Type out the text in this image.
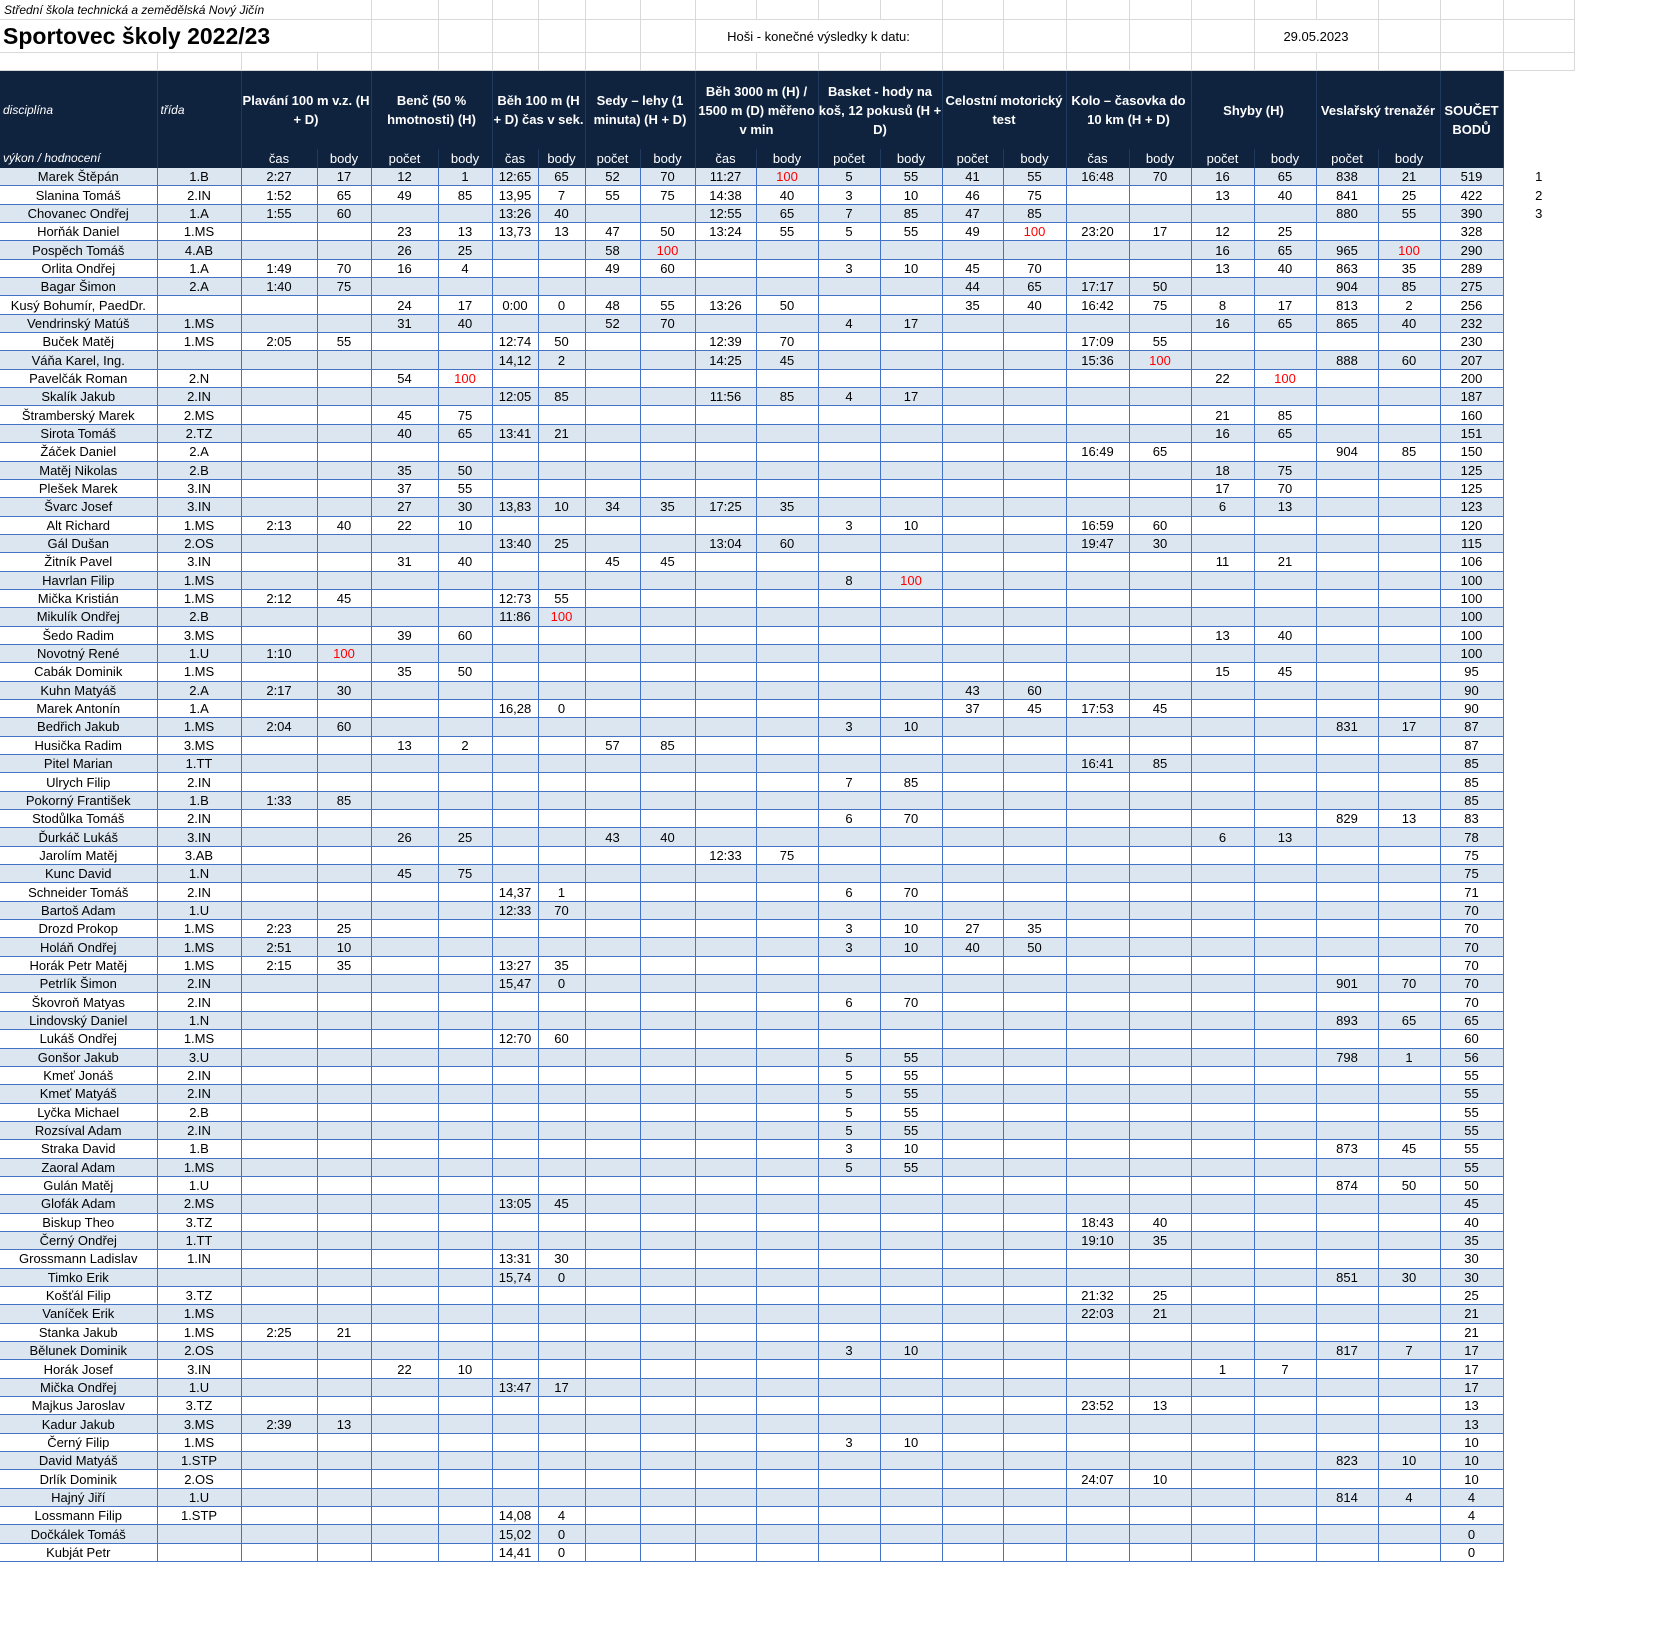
Střední škola technická a zemědělská Nový Jičín																							
Sportovec školy 2022/23										Hoši - konečné výsledky k datu:									29.05.2023				

disciplína	třída	Plavání 100 m v.z. (H + D)		Benč (50 % hmotnosti) (H)		Běh 100 m (H + D) čas v sek.		Sedy – lehy (1 minuta) (H + D)		Běh 3000 m (H) / 1500 m (D) měřeno v min		Basket - hody na koš, 12 pokusů (H + D)		Celostní motorický test		Kolo – časovka do 10 km (H + D)		Shyby (H)		Veslařský trenažér		SOUČET BODŮ	
výkon / hodnocení		čas	body	počet	body	čas	body	počet	body	čas	body	počet	body	počet	body	čas	body	počet	body	počet	body		
Marek Štěpán	1.B	2:27	17	12	1	12:65	65	52	70	11:27	100	5	55	41	55	16:48	70	16	65	838	21	519	1
Slanina Tomáš	2.IN	1:52	65	49	85	13,95	7	55	75	14:38	40	3	10	46	75			13	40	841	25	422	2
Chovanec Ondřej	1.A	1:55	60			13:26	40			12:55	65	7	85	47	85					880	55	390	3
Horňák Daniel	1.MS			23	13	13,73	13	47	50	13:24	55	5	55	49	100	23:20	17	12	25			328	
Pospěch Tomáš	4.AB			26	25			58	100									16	65	965	100	290	
Orlita Ondřej	1.A	1:49	70	16	4			49	60			3	10	45	70			13	40	863	35	289	
Bagar Šimon	2.A	1:40	75											44	65	17:17	50			904	85	275	
Kusý Bohumír, PaedDr.				24	17	0:00	0	48	55	13:26	50			35	40	16:42	75	8	17	813	2	256	
Vendrinský Matúš	1.MS			31	40			52	70			4	17					16	65	865	40	232	
Buček Matěj	1.MS	2:05	55			12:74	50			12:39	70					17:09	55					230	
Váňa Karel, Ing.						14,12	2			14:25	45					15:36	100			888	60	207	
Pavelčák Roman	2.N			54	100													22	100			200	
Skalík Jakub	2.IN					12:05	85			11:56	85	4	17									187	
Štramberský Marek	2.MS			45	75													21	85			160	
Sirota Tomáš	2.TZ			40	65	13:41	21											16	65			151	
Žáček Daniel	2.A															16:49	65			904	85	150	
Matěj Nikolas	2.B			35	50													18	75			125	
Plešek Marek	3.IN			37	55													17	70			125	
Švarc Josef	3.IN			27	30	13,83	10	34	35	17:25	35							6	13			123	
Alt Richard	1.MS	2:13	40	22	10							3	10			16:59	60					120	
Gál Dušan	2.OS					13:40	25			13:04	60					19:47	30					115	
Žitník Pavel	3.IN			31	40			45	45									11	21			106	
Havrlan Filip	1.MS											8	100									100	
Mička Kristián	1.MS	2:12	45			12:73	55															100	
Mikulík Ondřej	2.B					11:86	100															100	
Šedo Radim	3.MS			39	60													13	40			100	
Novotný René	1.U	1:10	100																			100	
Cabák Dominik	1.MS			35	50													15	45			95	
Kuhn Matyáš	2.A	2:17	30											43	60							90	
Marek Antonín	1.A					16,28	0							37	45	17:53	45					90	
Bedřich Jakub	1.MS	2:04	60									3	10							831	17	87	
Husička Radim	3.MS			13	2			57	85													87	
Pitel Marian	1.TT															16:41	85					85	
Ulrych Filip	2.IN											7	85									85	
Pokorný František	1.B	1:33	85																			85	
Stodůlka Tomáš	2.IN											6	70							829	13	83	
Ďurkáč Lukáš	3.IN			26	25			43	40									6	13			78	
Jarolím Matěj	3.AB									12:33	75											75	
Kunc David	1.N			45	75																	75	
Schneider Tomáš	2.IN					14,37	1					6	70									71	
Bartoš Adam	1.U					12:33	70															70	
Drozd Prokop	1.MS	2:23	25									3	10	27	35							70	
Holáň Ondřej	1.MS	2:51	10									3	10	40	50							70	
Horák Petr Matěj	1.MS	2:15	35			13:27	35															70	
Petrlík Šimon	2.IN					15,47	0													901	70	70	
Škovroň Matyas	2.IN											6	70									70	
Lindovský Daniel	1.N																			893	65	65	
Lukáš Ondřej	1.MS					12:70	60															60	
Gonšor Jakub	3.U											5	55							798	1	56	
Kmeť Jonáš	2.IN											5	55									55	
Kmeť Matyáš	2.IN											5	55									55	
Lyčka Michael	2.B											5	55									55	
Rozsíval Adam	2.IN											5	55									55	
Straka David	1.B											3	10							873	45	55	
Zaoral Adam	1.MS											5	55									55	
Gulán Matěj	1.U																			874	50	50	
Glofák Adam	2.MS					13:05	45															45	
Biskup Theo	3.TZ															18:43	40					40	
Černý Ondřej	1.TT															19:10	35					35	
Grossmann Ladislav	1.IN					13:31	30															30	
Timko Erik						15,74	0													851	30	30	
Košťál Filip	3.TZ															21:32	25					25	
Vaníček Erik	1.MS															22:03	21					21	
Stanka Jakub	1.MS	2:25	21																			21	
Bělunek Dominik	2.OS											3	10							817	7	17	
Horák Josef	3.IN			22	10													1	7			17	
Mička Ondřej	1.U					13:47	17															17	
Majkus Jaroslav	3.TZ															23:52	13					13	
Kadur Jakub	3.MS	2:39	13																			13	
Černý Filip	1.MS											3	10									10	
David Matyáš	1.STP																			823	10	10	
Drlík Dominik	2.OS															24:07	10					10	
Hajný Jiří	1.U																			814	4	4	
Lossmann Filip	1.STP					14,08	4															4	
Dočkálek Tomáš						15,02	0															0	
Kubját Petr						14,41	0															0	
